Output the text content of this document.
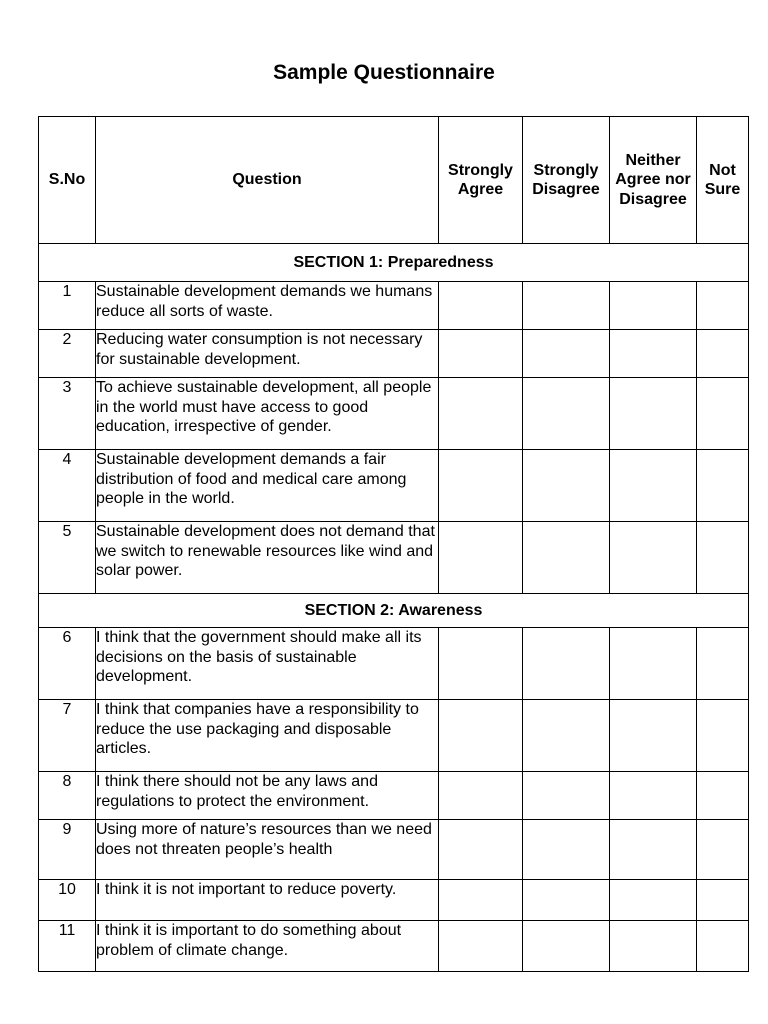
Sample Questionnaire
S.No	Question	Strongly Agree	Strongly Disagree	Neither Agree nor Disagree	Not Sure
SECTION 1: Preparedness					
1	Sustainable development demands we humans reduce all sorts of waste.				
2	Reducing water consumption is not necessary for sustainable development.				
3	To achieve sustainable development, all people in the world must have access to good education, irrespective of gender.				
4	Sustainable development demands a fair distribution of food and medical care among people in the world.				
5	Sustainable development does not demand that we switch to renewable resources like wind and solar power.				
SECTION 2: Awareness					
6	I think that the government should make all its decisions on the basis of sustainable development.				
7	I think that companies have a responsibility to reduce the use packaging and disposable articles.				
8	I think there should not be any laws and regulations to protect the environment.				
9	Using more of nature’s resources than we need does not threaten people’s health				
10	I think it is not important to reduce poverty.				
11	I think it is important to do something about problem of climate change.				
